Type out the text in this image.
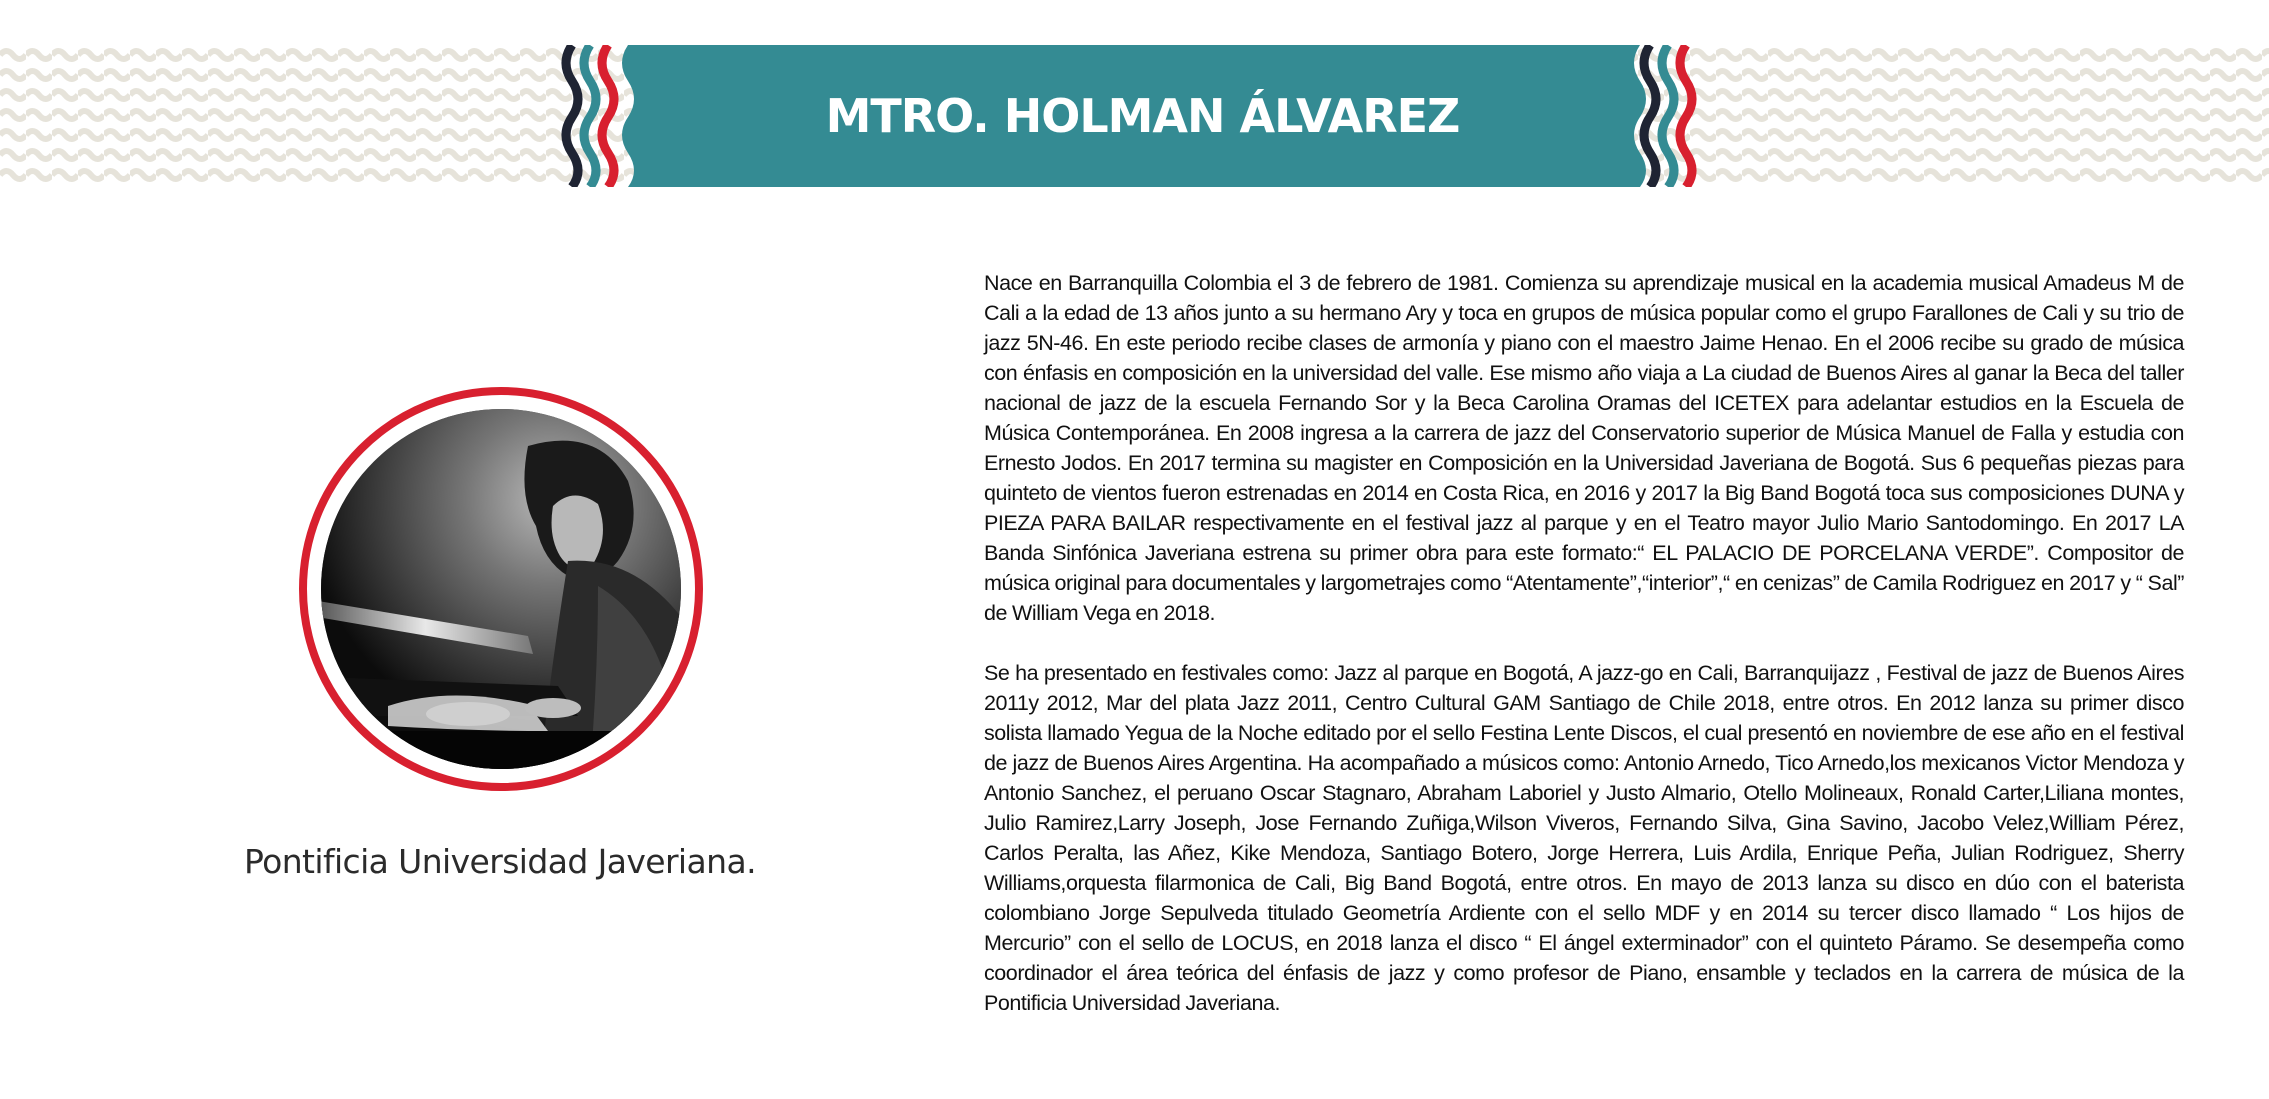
MTRO. HOLMAN ÁLVAREZ

Pontificia Universidad Javeriana.

Nace en Barranquilla Colombia el 3 de febrero de 1981. Comienza su aprendizaje musical en la academia musical Amadeus M de Cali a la edad de 13 años junto a su hermano Ary y toca en grupos de música popular como el grupo Farallones de Cali y su trio de jazz 5N-46. En este periodo recibe clases de armonía y piano con el maestro Jaime Henao. En el 2006 recibe su grado de música con énfasis en composición en la universidad del valle. Ese mismo año viaja a La ciudad de Buenos Aires al ganar la Beca del taller nacional de jazz de la escuela Fernando Sor y la Beca Carolina Oramas del ICETEX para adelantar estudios en la Escuela de Música Contemporánea. En 2008 ingresa a la carrera de jazz del Conservatorio superior de Música Manuel de Falla y estudia con Ernesto Jodos. En 2017 termina su magister en Composición en la Universidad Javeriana de Bogotá. Sus 6 pequeñas piezas para quinteto de vientos fueron estrenadas en 2014 en Costa Rica, en 2016 y 2017 la Big Band Bogotá toca sus composiciones DUNA y PIEZA PARA BAILAR respectivamente en el festival jazz al parque y en el Teatro mayor Julio Mario Santodomingo. En 2017 LA Banda Sinfónica Javeriana estrena su primer obra para este formato:“ EL PALACIO DE PORCELANA VERDE”. Compositor de música original para documentales y largometrajes como “Atentamente”,“interior”,“ en cenizas” de Camila Rodriguez en 2017 y “ Sal” de William Vega en 2018.

Se ha presentado en festivales como: Jazz al parque en Bogotá, A jazz-go en Cali, Barranquijazz , Festival de jazz de Buenos Aires 2011y 2012, Mar del plata Jazz 2011, Centro Cultural GAM Santiago de Chile 2018, entre otros. En 2012 lanza su primer disco solista llamado Yegua de la Noche editado por el sello Festina Lente Discos, el cual presentó en noviembre de ese año en el festival de jazz de Buenos Aires Argentina. Ha acompañado a músicos como: Antonio Arnedo, Tico Arnedo,los mexicanos Victor Mendoza y Antonio Sanchez, el peruano Oscar Stagnaro, Abraham Laboriel y Justo Almario, Otello Molineaux, Ronald Carter,Liliana montes, Julio Ramirez,Larry Joseph, Jose Fernando Zuñiga,Wilson Viveros, Fernando Silva, Gina Savino, Jacobo Velez,William Pérez, Carlos Peralta, las Añez, Kike Mendoza, Santiago Botero, Jorge Herrera, Luis Ardila, Enrique Peña, Julian Rodriguez, Sherry Williams,orquesta filarmonica de Cali, Big Band Bogotá, entre otros. En mayo de 2013 lanza su disco en dúo con el baterista colombiano Jorge Sepulveda titulado Geometría Ardiente con el sello MDF y en 2014 su tercer disco llamado “ Los hijos de Mercurio” con el sello de LOCUS, en 2018 lanza el disco “ El ángel exterminador” con el quinteto Páramo. Se desempeña como coordinador el área teórica del énfasis de jazz y como profesor de Piano, ensamble y teclados en la carrera de música de la Pontificia Universidad Javeriana.
